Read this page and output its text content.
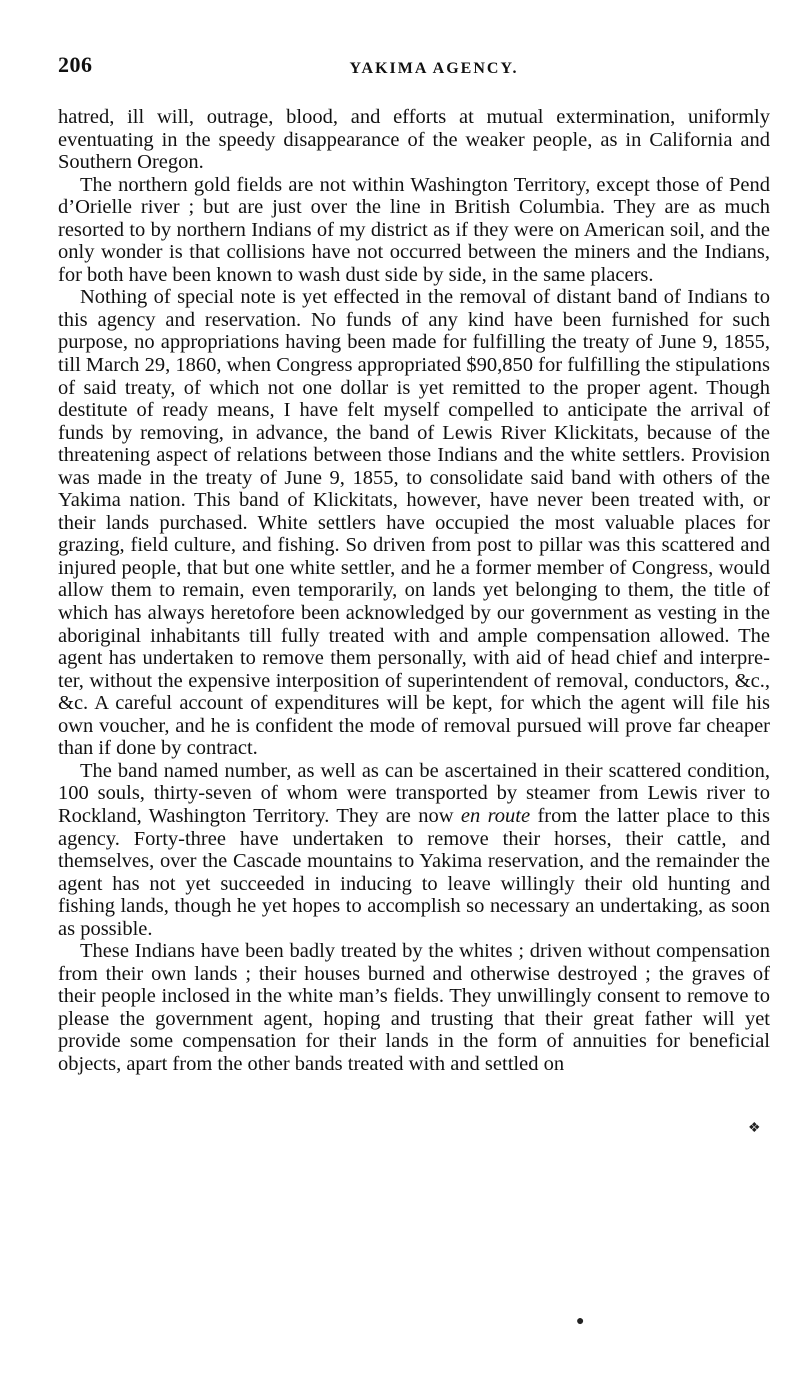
206	YAKIMA AGENCY.

hatred, ill will, outrage, blood, and efforts at mutual extermination, uniformly eventuating in the speedy disappearance of the weaker people, as in California and Southern Oregon.

The northern gold fields are not within Washington Territory, except those of Pend d’Orielle river ; but are just over the line in British Columbia. They are as much resorted to by northern Indians of my district as if they were on American soil, and the only wonder is that collisions have not occurred between the miners and the Indians, for both have been known to wash dust side by side, in the same placers.

Nothing of special note is yet effected in the removal of distant band of Indians to this agency and reservation. No funds of any kind have been furnished for such purpose, no appropriations having been made for fulfilling the treaty of June 9, 1855, till March 29, 1860, when Congress appropriated $90,850 for fulfilling the stipulations of said treaty, of which not one dollar is yet remitted to the proper agent. Though destitute of ready means, I have felt myself compelled to anticipate the arrival of funds by removing, in advance, the band of Lewis River Klickitats, because of the threatening aspect of relations between those Indians and the white settlers. Provision was made in the treaty of June 9, 1855, to consolidate said band with others of the Yakima nation. This band of Klickitats, however, have never been treated with, or their lands purchased. White settlers have occupied the most valuable places for grazing, field culture, and fishing. So driven from post to pillar was this scattered and injured people, that but one white settler, and he a former member of Congress, would allow them to remain, even temporarily, on lands yet belonging to them, the title of which has always heretofore been acknowledged by our government as vesting in the aboriginal inhabitants till fully treated with and ample compensation allowed. The agent has undertaken to remove them personally, with aid of head chief and interpreter, without the expensive interposition of superintendent of removal, conductors, &c., &c. A careful account of expenditures will be kept, for which the agent will file his own voucher, and he is confident the mode of removal pursued will prove far cheaper than if done by contract.

The band named number, as well as can be ascertained in their scattered condition, 100 souls, thirty-seven of whom were transported by steamer from Lewis river to Rockland, Washington Territory. They are now en route from the latter place to this agency. Forty-three have undertaken to remove their horses, their cattle, and themselves, over the Cascade mountains to Yakima reservation, and the remainder the agent has not yet succeeded in inducing to leave willingly their old hunting and fishing lands, though he yet hopes to accomplish so necessary an undertaking, as soon as possible.

These Indians have been badly treated by the whites ; driven without compensation from their own lands ; their houses burned and otherwise destroyed ; the graves of their people inclosed in the white man’s fields. They unwillingly consent to remove to please the government agent, hoping and trusting that their great father will yet provide some compensation for their lands in the form of annuities for beneficial objects, apart from the other bands treated with and settled on

❖
●
